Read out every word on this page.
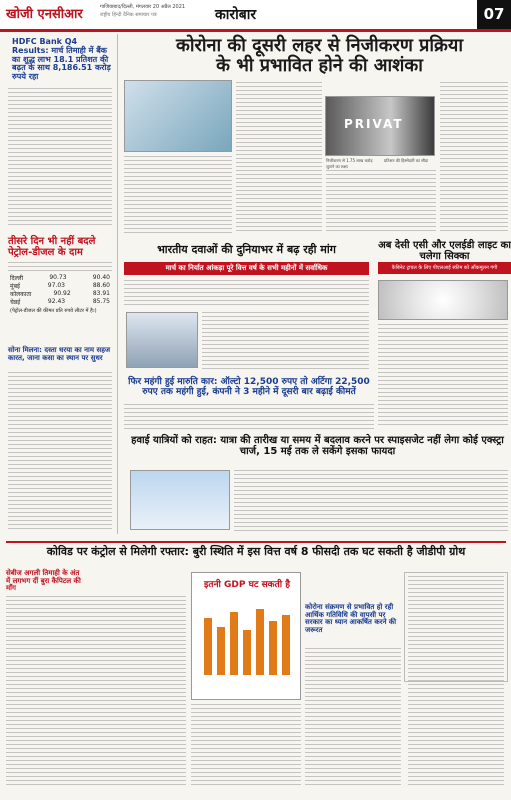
खोजी एनसीआर	गाजियाबाद/दिल्ली, मंगलवार 20 अप्रैल 2021
राष्ट्रीय हिन्दी दैनिक समाचार पत्र	कारोबार	07
HDFC Bank Q4 Results: मार्च तिमाही में बैंक का शुद्ध लाभ 18.1 प्रतिशत की बढ़त के साथ 8,186.51 करोड़ रुपये रहा
तीसरे दिन भी नहीं बदले पेट्रोल-डीजल के दाम
दिल्ली	90.73	90.40
मुंबई	97.03	88.60
कोलकाता	90.92	83.91
चेन्नई	92.43	85.75
(पेट्रोल-डीजल की कीमत प्रति रुपये लीटर में है।)
सोना मिलना: दस्ता धरया का नाम सहज कारत, जाना कसा का स्थान पर सुधर
कोरोना की दूसरी लहर से निजीकरण प्रक्रिया
के भी प्रभावित होने की आशंका
PRIVAT
निजीकरण से 1.75 लाख करोड़ जुटाने का लक्ष्य
प्रतिशत की हिस्सेदारी का सौदा
भारतीय दवाओं की दुनियाभर में बढ़ रही मांग
मार्च का निर्यात आंकड़ा पूरे वित्त वर्ष के सभी महीनों में सर्वाधिक
अब देसी एसी और एलईडी लाइट का चलेगा सिक्का
कैबिनेट ट्रायल के लिए पीएलआई स्कीम को औंकमूलन गंगी
फिर महंगी हुई मारुति कार: ऑल्टो 12,500 रुपए तो अर्टिगा 22,500 रुपए तक महंगी हुई, कंपनी ने 3 महीने में दूसरी बार बढ़ाई कीमतें
हवाई यात्रियों को राहत: यात्रा की तारीख या समय में बदलाव करने पर स्पाइसजेट नहीं लेगा कोई एक्स्ट्रा चार्ज, 15 मई तक ले सकेंगे इसका फायदा
कोविड पर कंट्रोल से मिलेगी रफ्तार: बुरी स्थिति में इस वित्त वर्ष 8 फीसदी तक घट सकती है जीडीपी ग्रोथ
सेबीज अगली तिमाही के अंत में लगभग दीं बुरा कैपिटल की माँग	इतनी GDP घट सकती है
कोरोना संक्रमण से प्रभावित हो रही आर्थिक गतिविधि की वापसी पर सरकार का ध्यान आकर्षित करने की जरूरत
